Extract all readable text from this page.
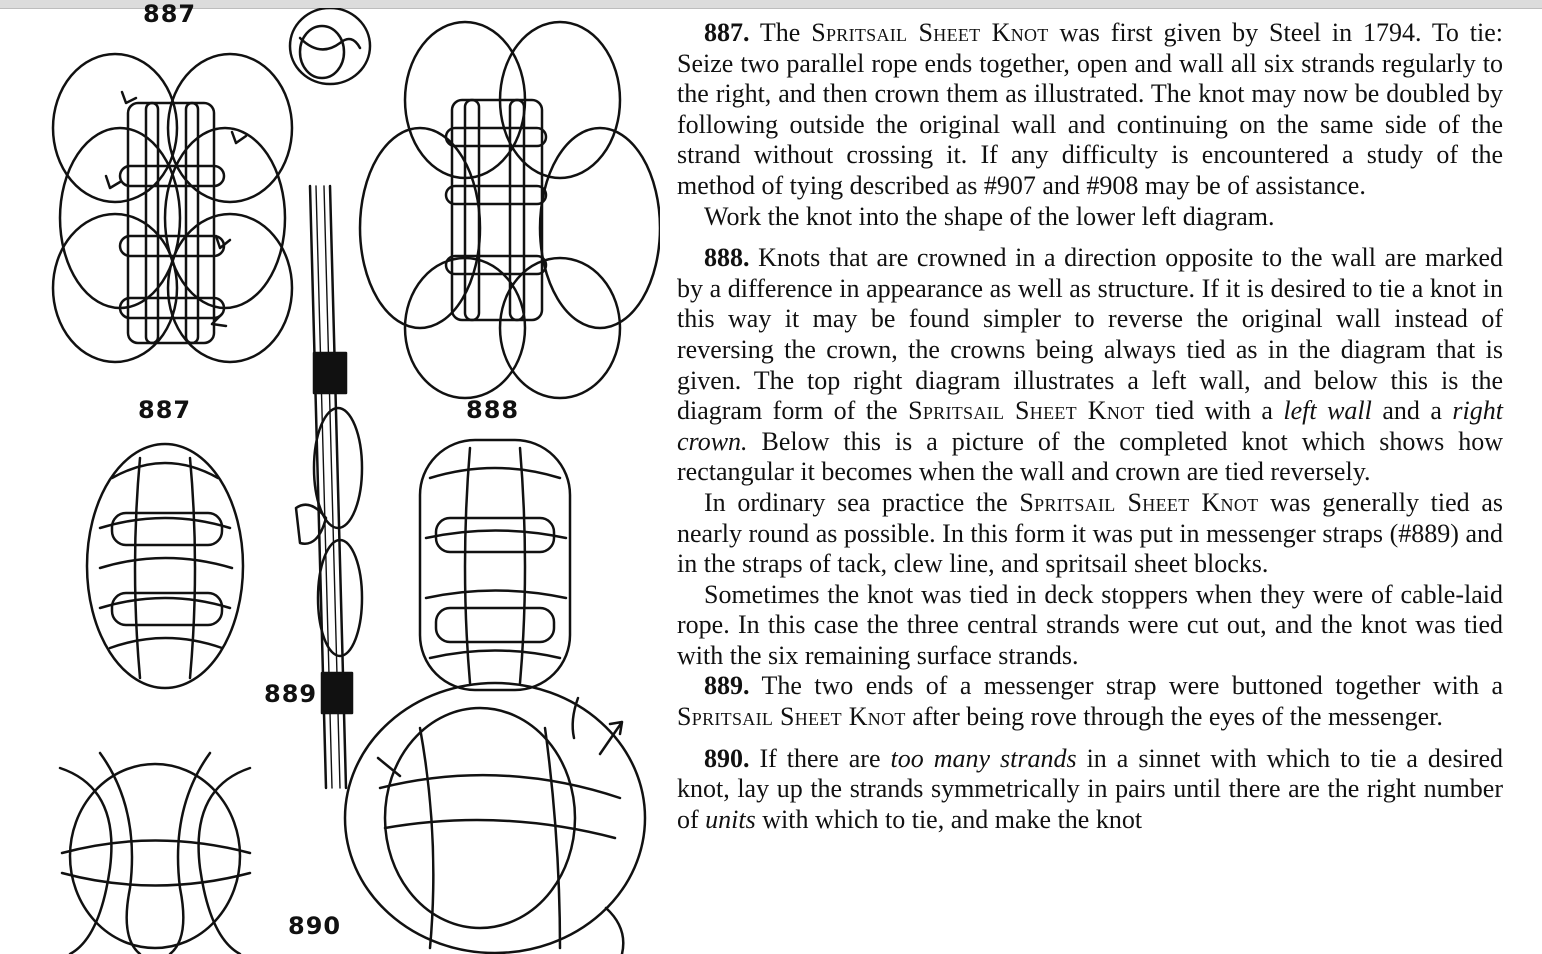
887
887	888
889
890

887. The Spritsail Sheet Knot was first given by Steel in 1794. To tie: Seize two parallel rope ends together, open and wall all six strands regularly to the right, and then crown them as illustrated. The knot may now be doubled by following outside the original wall and continuing on the same side of the strand without crossing it. If any difficulty is encountered a study of the method of tying described as #907 and #908 may be of assistance.

Work the knot into the shape of the lower left diagram.

888. Knots that are crowned in a direction opposite to the wall are marked by a difference in appearance as well as structure. If it is desired to tie a knot in this way it may be found simpler to reverse the original wall instead of reversing the crown, the crowns being always tied as in the diagram that is given. The top right diagram illustrates a left wall, and below this is the diagram form of the Spritsail Sheet Knot tied with a left wall and a right crown. Below this is a picture of the completed knot which shows how rectangular it becomes when the wall and crown are tied reversely.

In ordinary sea practice the Spritsail Sheet Knot was generally tied as nearly round as possible. In this form it was put in messenger straps (#889) and in the straps of tack, clew line, and spritsail sheet blocks.

Sometimes the knot was tied in deck stoppers when they were of cable-laid rope. In this case the three central strands were cut out, and the knot was tied with the six remaining surface strands.

889. The two ends of a messenger strap were buttoned together with a Spritsail Sheet Knot after being rove through the eyes of the messenger.

890. If there are too many strands in a sinnet with which to tie a desired knot, lay up the strands symmetrically in pairs until there are the right number of units with which to tie, and make the knot
